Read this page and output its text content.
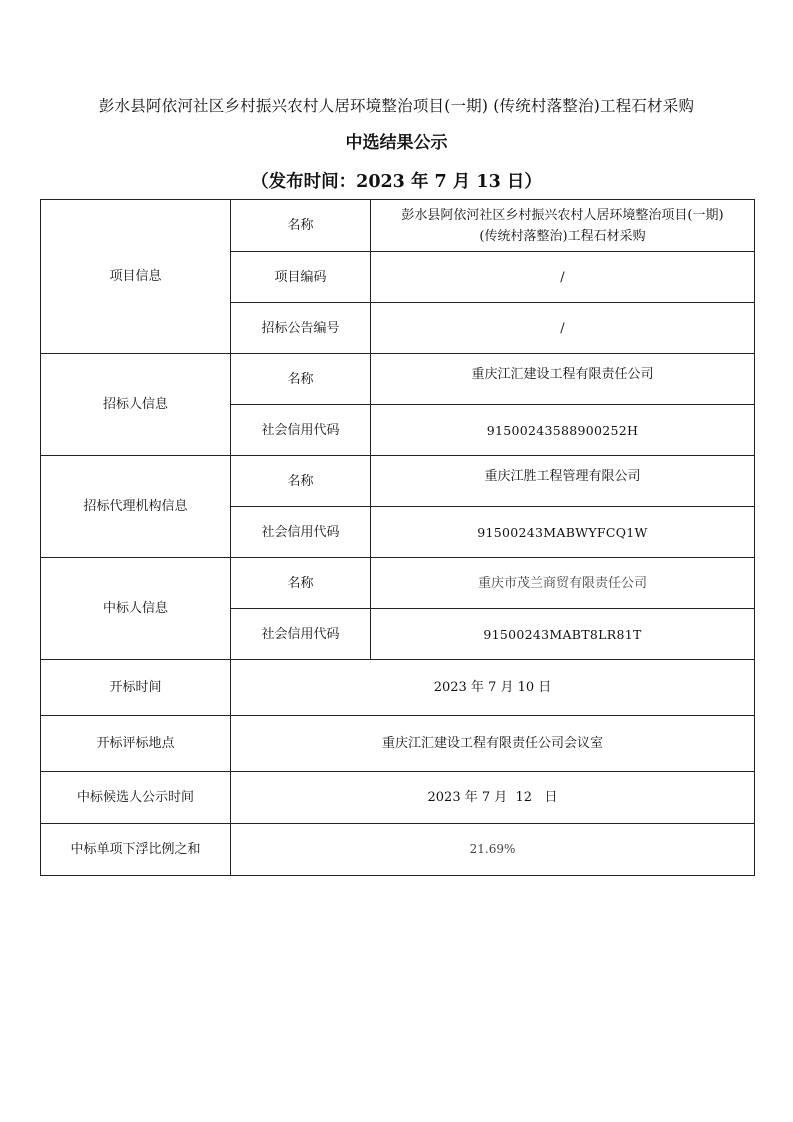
彭水县阿依河社区乡村振兴农村人居环境整治项目(一期) (传统村落整治)工程石材采购
中选结果公示
（发布时间：2023 年 7 月 13 日）
项目信息	名称	彭水县阿依河社区乡村振兴农村人居环境整治项目(一期)
(传统村落整治)工程石材采购

	项目编码	/
	招标公告编号	/
招标人信息	名称	重庆江汇建设工程有限责任公司
	社会信用代码	91500243588900252H
招标代理机构信息	名称	重庆江胜工程管理有限公司
	社会信用代码	91500243MABWYFCQ1W
中标人信息	名称	重庆市茂兰商贸有限责任公司
	社会信用代码	91500243MABT8LR81T
开标时间	2023 年 7 月 10 日	
开标评标地点	重庆江汇建设工程有限责任公司会议室	
中标候选人公示时间	2023 年 7 月  12   日	
中标单项下浮比例之和	21.69%	
